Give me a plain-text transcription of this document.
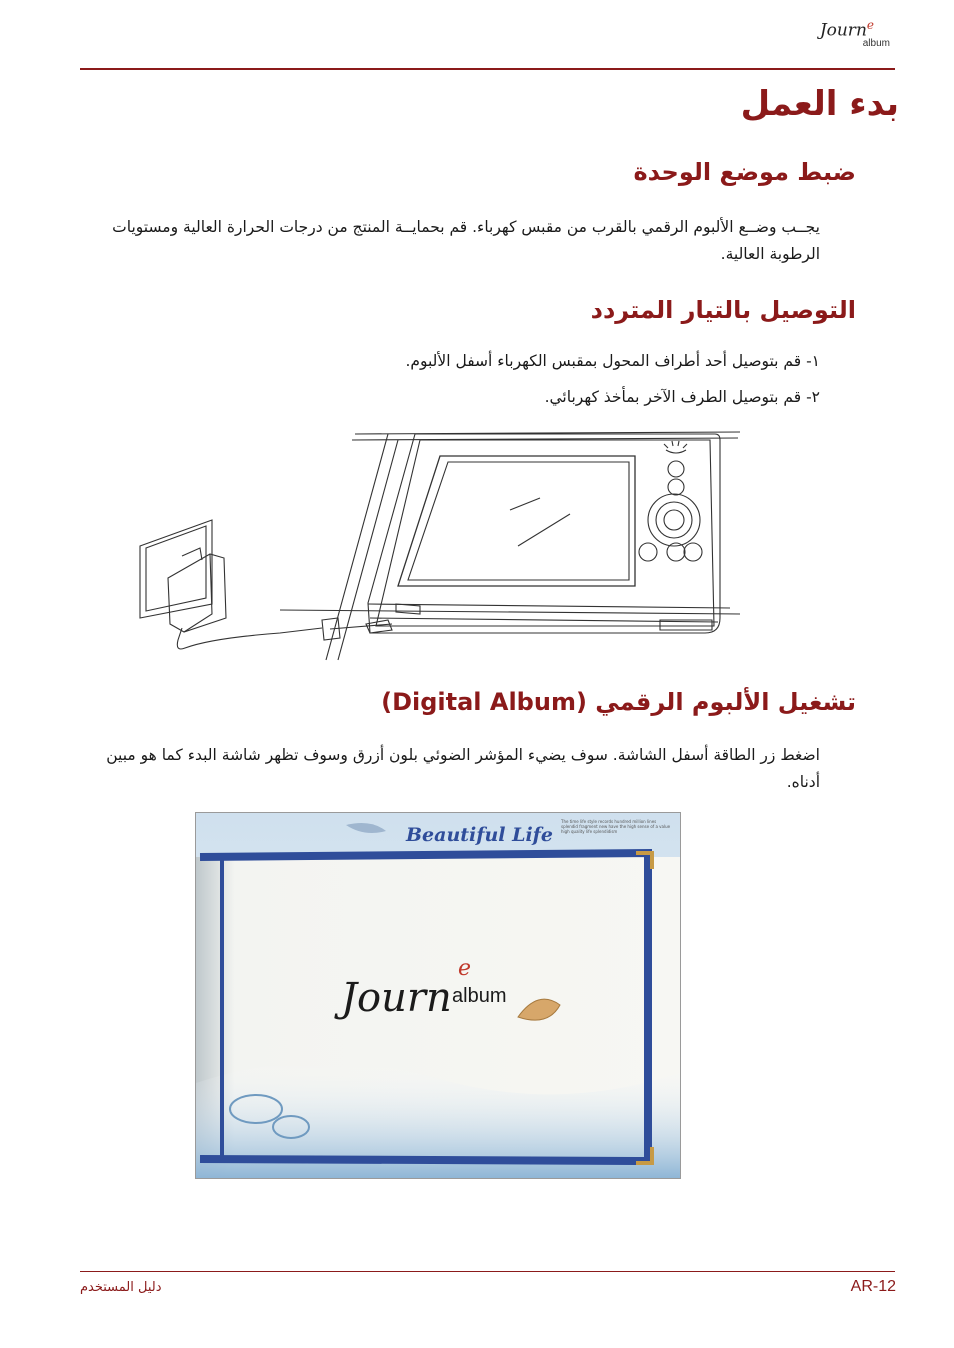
Journ$^e$
album
بدء العمل
ضبط موضع الوحدة

يجــب وضــع الألبوم الرقمي بالقرب من مقبس كهرباء. قم بحمايــة المنتج من درجات الحرارة العالية ومستويات الرطوبة العالية.

التوصيل بالتيار المتردد

١- قم بتوصيل أحد أطراف المحول بمقبس الكهرباء أسفل الألبوم.

٢- قم بتوصيل الطرف الآخر بمأخذ كهربائي.

تشغيل الألبوم الرقمي (Digital Album)

اضغط زر الطاقة أسفل الشاشة. سوف يضيء المؤشر الضوئي بلون أزرق وسوف تظهر شاشة البدء كما هو مبين أدناه.

Beautiful Life
The time life style records hundred million lines splendid fragment new have the high sense of a value high quality life splendidism
Journ
e
album
دليل المستخدم	AR-12
